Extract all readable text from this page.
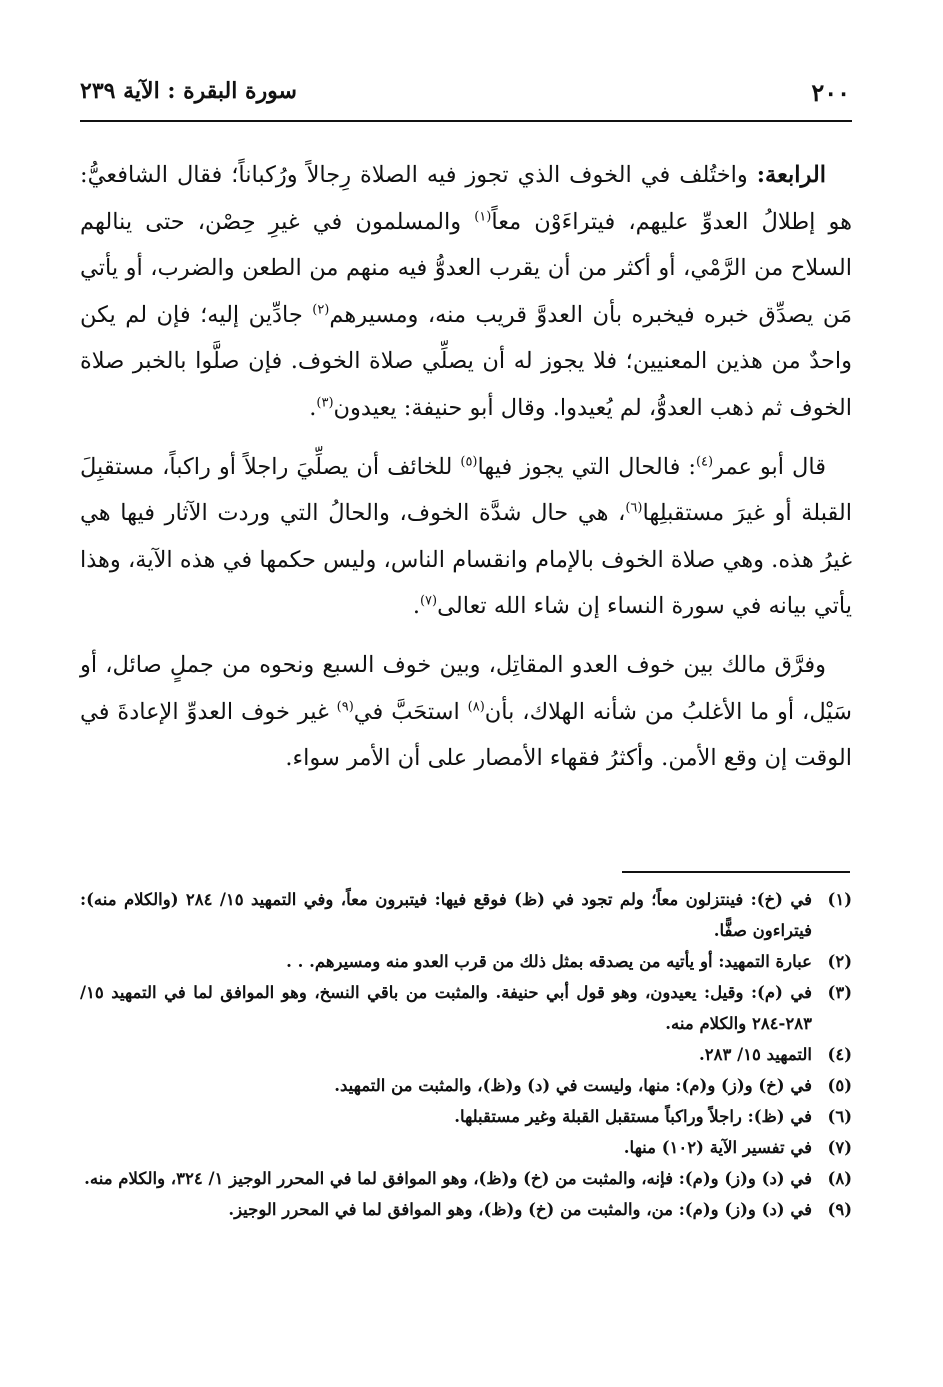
٢٠٠
سورة البقرة : الآية ٢٣٩

الرابعة: واختُلف في الخوف الذي تجوز فيه الصلاة رِجالاً ورُكباناً؛ فقال الشافعيُّ: هو إطلالُ العدوِّ عليهم، فيتراءَوْن معاً$^{(١)}$ والمسلمون في غيرِ حِصْن، حتى ينالهم السلاح من الرَّمْي، أو أكثر من أن يقرب العدوُّ فيه منهم من الطعن والضرب، أو يأتي مَن يصدِّق خبره فيخبره بأن العدوَّ قريب منه، ومسيرهم$^{(٢)}$ جادِّين إليه؛ فإن لم يكن واحدٌ من هذين المعنيين؛ فلا يجوز له أن يصلِّي صلاة الخوف. فإن صلَّوا بالخبر صلاة الخوف ثم ذهب العدوُّ، لم يُعيدوا. وقال أبو حنيفة: يعيدون$^{(٣)}$.

قال أبو عمر$^{(٤)}$: فالحال التي يجوز فيها$^{(٥)}$ للخائف أن يصلِّيَ راجلاً أو راكباً، مستقبِلَ القبلة أو غيرَ مستقبلِها$^{(٦)}$، هي حال شدَّة الخوف، والحالُ التي وردت الآثار فيها هي غيرُ هذه. وهي صلاة الخوف بالإمام وانقسام الناس، وليس حكمها في هذه الآية، وهذا يأتي بيانه في سورة النساء إن شاء الله تعالى$^{(٧)}$.

وفرَّق مالك بين خوف العدو المقاتِل، وبين خوف السبع ونحوه من جملٍ صائل، أو سَيْل، أو ما الأغلبُ من شأنه الهلاك، بأن$^{(٨)}$ استحَبَّ في$^{(٩)}$ غير خوف العدوِّ الإعادةَ في الوقت إن وقع الأمن. وأكثرُ فقهاء الأمصار على أن الأمر سواء.

(١)
في (خ): فينتزلون معاً؛ ولم تجود في (ظ) فوقع فيها: فيتبرون معاً، وفي التمهيد ١٥/ ٢٨٤ (والكلام منه): فيتراءون صفًّا.
(٢)
عبارة التمهيد: أو يأتيه من يصدقه بمثل ذلك من قرب العدو منه ومسيرهم. . .
(٣)
في (م): وقيل: يعيدون، وهو قول أبي حنيفة. والمثبت من باقي النسخ، وهو الموافق لما في التمهيد ١٥/ ٢٨٣-٢٨٤ والكلام منه.
(٤)
التمهيد ١٥/ ٢٨٣.
(٥)
في (خ) و(ز) و(م): منها، وليست في (د) و(ظ)، والمثبت من التمهيد.
(٦)
في (ظ): راجلاً وراكباً مستقبل القبلة وغير مستقبلها.
(٧)
في تفسير الآية (١٠٢) منها.
(٨)
في (د) و(ز) و(م): فإنه، والمثبت من (خ) و(ظ)، وهو الموافق لما في المحرر الوجيز ١/ ٣٢٤، والكلام منه.
(٩)
في (د) و(ز) و(م): من، والمثبت من (خ) و(ظ)، وهو الموافق لما في المحرر الوجيز.
